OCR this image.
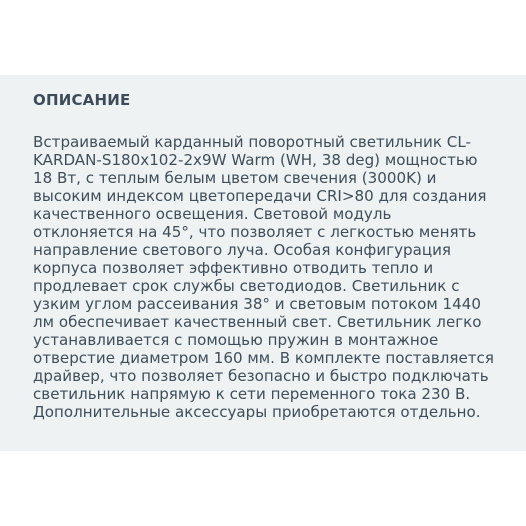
ОПИСАНИЕ

Встраиваемый карданный поворотный светильник CL-
KARDAN-S180x102-2x9W Warm (WH, 38 deg) мощностью
18 Вт, с теплым белым цветом свечения (3000K) и
высоким индексом цветопередачи CRI>80 для создания
качественного освещения. Световой модуль
отклоняется на 45°, что позволяет с легкостью менять
направление светового луча. Особая конфигурация
корпуса позволяет эффективно отводить тепло и
продлевает срок службы светодиодов. Светильник с
узким углом рассеивания 38° и световым потоком 1440
лм обеспечивает качественный свет. Светильник легко
устанавливается с помощью пружин в монтажное
отверстие диаметром 160 мм. В комплекте поставляется
драйвер, что позволяет безопасно и быстро подключать
светильник напрямую к сети переменного тока 230 В.
Дополнительные аксессуары приобретаются отдельно.
